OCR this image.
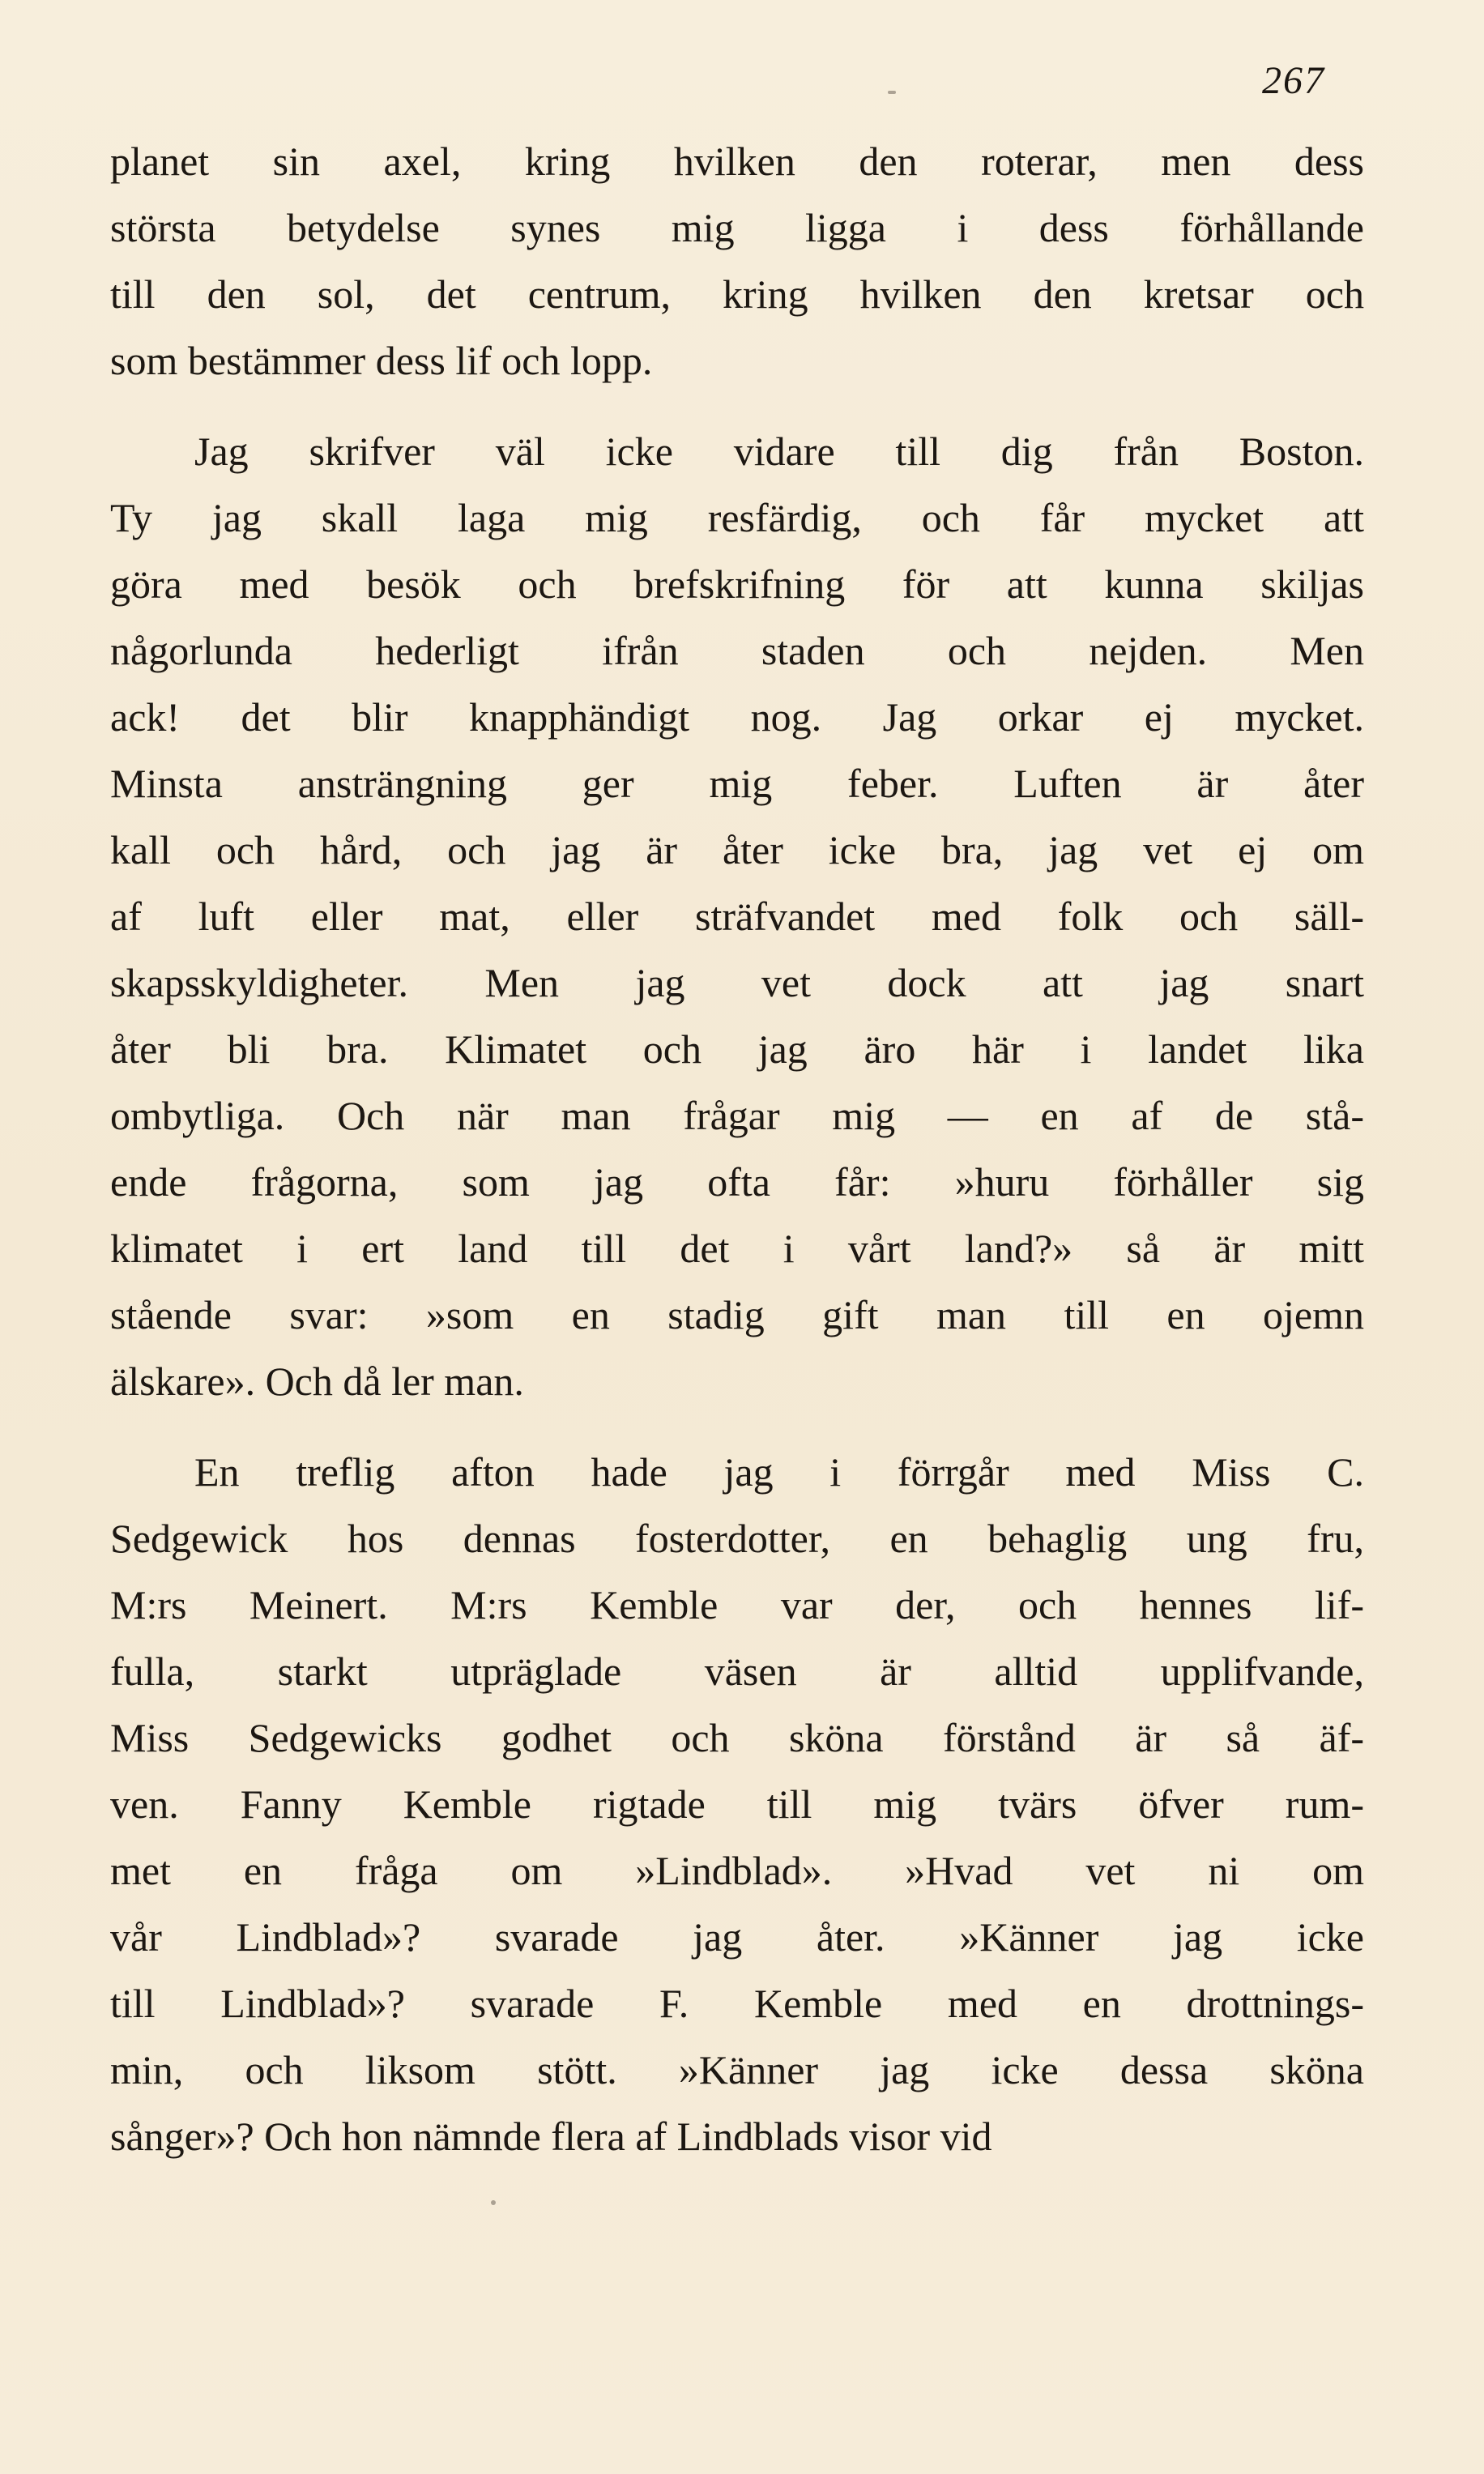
267
planet sin axel, kring hvilken den roterar, men dess
största betydelse synes mig ligga i dess förhållande
till den sol, det centrum, kring hvilken den kretsar och
som bestämmer dess lif och lopp.
Jag skrifver väl icke vidare till dig från Boston.
Ty jag skall laga mig resfärdig, och får mycket att
göra med besök och brefskrifning för att kunna skiljas
någorlunda hederligt ifrån staden och nejden. Men
ack! det blir knapphändigt nog. Jag orkar ej mycket.
Minsta ansträngning ger mig feber. Luften är åter
kall och hård, och jag är åter icke bra, jag vet ej om
af luft eller mat, eller sträfvandet med folk och säll-
skapsskyldigheter. Men jag vet dock att jag snart
åter bli bra. Klimatet och jag äro här i landet lika
ombytliga. Och när man frågar mig — en af de stå-
ende frågorna, som jag ofta får: »huru förhåller sig
klimatet i ert land till det i vårt land?» så är mitt
stående svar: »som en stadig gift man till en ojemn
älskare». Och då ler man.
En treflig afton hade jag i förrgår med Miss C.
Sedgewick hos dennas fosterdotter, en behaglig ung fru,
M:rs Meinert. M:rs Kemble var der, och hennes lif-
fulla, starkt utpräglade väsen är alltid upplifvande,
Miss Sedgewicks godhet och sköna förstånd är så äf-
ven. Fanny Kemble rigtade till mig tvärs öfver rum-
met en fråga om »Lindblad». »Hvad vet ni om
vår Lindblad»? svarade jag åter. »Känner jag icke
till Lindblad»? svarade F. Kemble med en drottnings-
min, och liksom stött. »Känner jag icke dessa sköna
sånger»? Och hon nämnde flera af Lindblads visor vid
